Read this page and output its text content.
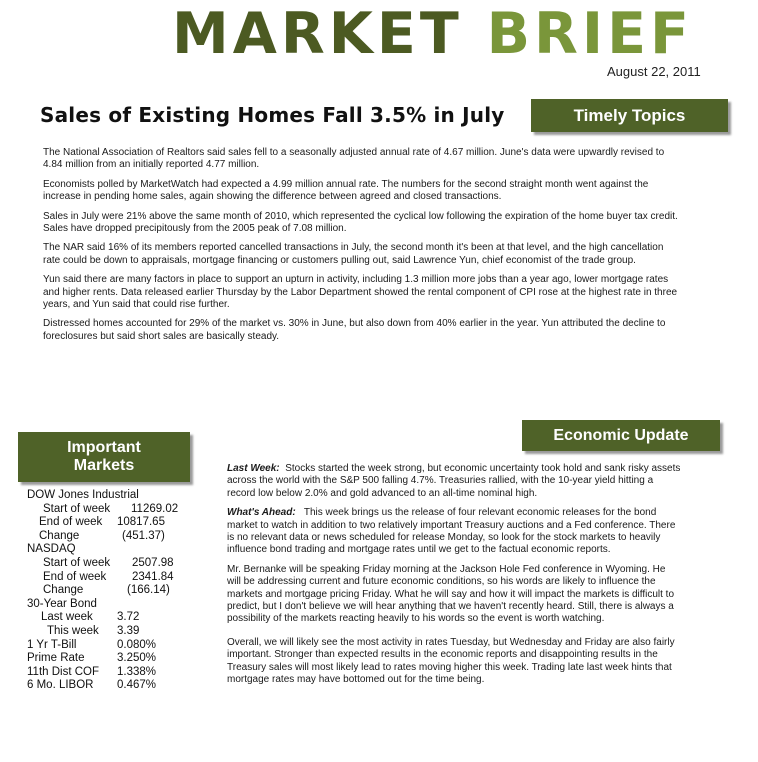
MARKET BRIEF
August 22, 2011
Sales of Existing Homes Fall 3.5% in July	Timely Topics

The National Association of Realtors said sales fell to a seasonally adjusted annual rate of 4.67 million. June's data were upwardly revised to 4.84 million from an initially reported 4.77 million.

Economists polled by MarketWatch had expected a 4.99 million annual rate. The numbers for the second straight month went against the increase in pending home sales, again showing the difference between agreed and closed transactions.

Sales in July were 21% above the same month of 2010, which represented the cyclical low following the expiration of the home buyer tax credit. Sales have dropped precipitously from the 2005 peak of 7.08 million.

The NAR said 16% of its members reported cancelled transactions in July, the second month it's been at that level, and the high cancellation rate could be down to appraisals, mortgage financing or customers pulling out, said Lawrence Yun, chief economist of the trade group.

Yun said there are many factors in place to support an upturn in activity, including 1.3 million more jobs than a year ago, lower mortgage rates and higher rents. Data released earlier Thursday by the Labor Department showed the rental component of CPI rose at the highest rate in three years, and Yun said that could rise further.

Distressed homes accounted for 29% of the market vs. 30% in June, but also down from 40% earlier in the year. Yun attributed the decline to foreclosures but said short sales are basically steady.

Important
Markets
DOW Jones Industrial
Start of week 11269.02
End of week 10817.65
Change	(451.37)
NASDAQ
Start of week 2507.98
End of week 2341.84
Change	(166.14)
30-Year Bond
Last week 3.72
This week 3.39
1 Yr T-Bill	0.080%
Prime Rate	3.250%
11th Dist COF 1.338%
6 Mo. LIBOR 0.467%
Economic Update

Last Week: Stocks started the week strong, but economic uncertainty took hold and sank risky assets across the world with the S&P 500 falling 4.7%. Treasuries rallied, with the 10-year yield hitting a record low below 2.0% and gold advanced to an all-time nominal high.

What's Ahead: This week brings us the release of four relevant economic releases for the bond market to watch in addition to two relatively important Treasury auctions and a Fed conference. There is no relevant data or news scheduled for release Monday, so look for the stock markets to heavily influence bond trading and mortgage rates until we get to the factual economic reports.

Mr. Bernanke will be speaking Friday morning at the Jackson Hole Fed conference in Wyoming. He will be addressing current and future economic conditions, so his words are likely to influence the markets and mortgage pricing Friday. What he will say and how it will impact the markets is difficult to predict, but I don't believe we will hear anything that we haven't recently heard. Still, there is always a possibility of the markets reacting heavily to his words so the event is worth watching.

Overall, we will likely see the most activity in rates Tuesday, but Wednesday and Friday are also fairly important. Stronger than expected results in the economic reports and disappointing results in the Treasury sales will most likely lead to rates moving higher this week. Trading late last week hints that mortgage rates may have bottomed out for the time being.
